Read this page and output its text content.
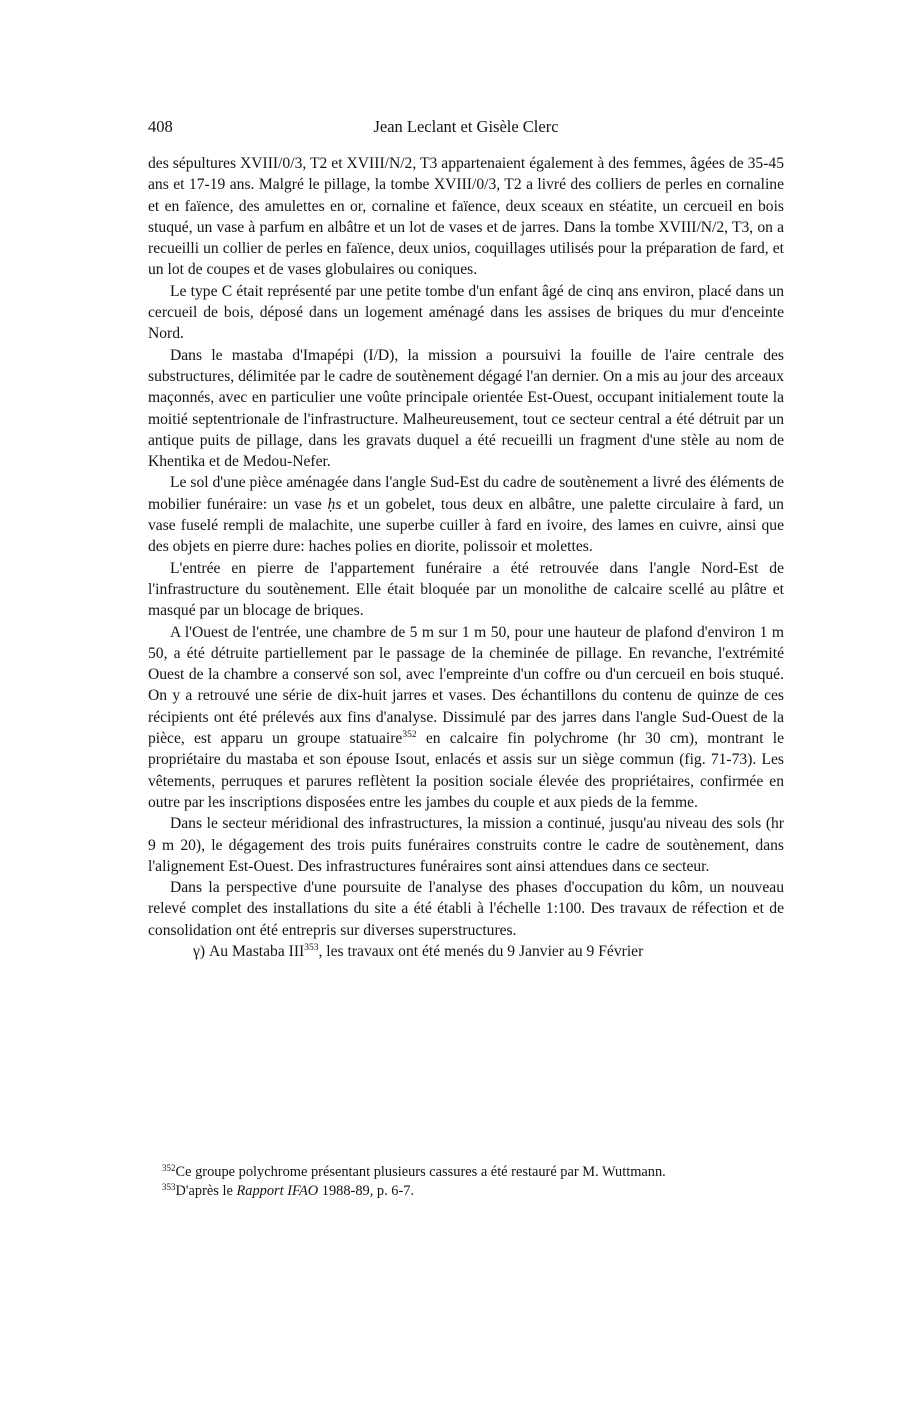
408	Jean Leclant et Gisèle Clerc

des sépultures XVIII/0/3, T2 et XVIII/N/2, T3 appartenaient également à des femmes, âgées de 35-45 ans et 17-19 ans. Malgré le pillage, la tombe XVIII/0/3, T2 a livré des colliers de perles en cornaline et en faïence, des amulettes en or, cornaline et faïence, deux sceaux en stéatite, un cercueil en bois stuqué, un vase à parfum en albâtre et un lot de vases et de jarres. Dans la tombe XVIII/N/2, T3, on a recueilli un collier de perles en faïence, deux unios, coquillages utilisés pour la préparation de fard, et un lot de coupes et de vases globulaires ou coniques.

Le type C était représenté par une petite tombe d'un enfant âgé de cinq ans environ, placé dans un cercueil de bois, déposé dans un logement aménagé dans les assises de briques du mur d'enceinte Nord.

Dans le mastaba d'Imapépi (I/D), la mission a poursuivi la fouille de l'aire centrale des substructures, délimitée par le cadre de soutènement dégagé l'an dernier. On a mis au jour des arceaux maçonnés, avec en particulier une voûte principale orientée Est-Ouest, occupant initialement toute la moitié septentrionale de l'infrastructure. Malheureusement, tout ce secteur central a été détruit par un antique puits de pillage, dans les gravats duquel a été recueilli un fragment d'une stèle au nom de Khentika et de Medou-Nefer.

Le sol d'une pièce aménagée dans l'angle Sud-Est du cadre de soutènement a livré des éléments de mobilier funéraire: un vase ḥs et un gobelet, tous deux en albâtre, une palette circulaire à fard, un vase fuselé rempli de malachite, une superbe cuiller à fard en ivoire, des lames en cuivre, ainsi que des objets en pierre dure: haches polies en diorite, polissoir et molettes.

L'entrée en pierre de l'appartement funéraire a été retrouvée dans l'angle Nord-Est de l'infrastructure du soutènement. Elle était bloquée par un monolithe de calcaire scellé au plâtre et masqué par un blocage de briques.

A l'Ouest de l'entrée, une chambre de 5 m sur 1 m 50, pour une hauteur de plafond d'environ 1 m 50, a été détruite partiellement par le passage de la cheminée de pillage. En revanche, l'extrémité Ouest de la chambre a conservé son sol, avec l'empreinte d'un coffre ou d'un cercueil en bois stuqué. On y a retrouvé une série de dix-huit jarres et vases. Des échantillons du contenu de quinze de ces récipients ont été prélevés aux fins d'analyse. Dissimulé par des jarres dans l'angle Sud-Ouest de la pièce, est apparu un groupe statuaire$^{352}$ en calcaire fin polychrome (hr 30 cm), montrant le propriétaire du mastaba et son épouse Isout, enlacés et assis sur un siège commun (fig. 71-73). Les vêtements, perruques et parures reflètent la position sociale élevée des propriétaires, confirmée en outre par les inscriptions disposées entre les jambes du couple et aux pieds de la femme.

Dans le secteur méridional des infrastructures, la mission a continué, jusqu'au niveau des sols (hr 9 m 20), le dégagement des trois puits funéraires construits contre le cadre de soutènement, dans l'alignement Est-Ouest. Des infrastructures funéraires sont ainsi attendues dans ce secteur.

Dans la perspective d'une poursuite de l'analyse des phases d'occupation du kôm, un nouveau relevé complet des installations du site a été établi à l'échelle 1:100. Des travaux de réfection et de consolidation ont été entrepris sur diverses superstructures.

γ) Au Mastaba III$^{353}$, les travaux ont été menés du 9 Janvier au 9 Février

$^{352}$Ce groupe polychrome présentant plusieurs cassures a été restauré par M. Wuttmann.

$^{353}$D'après le Rapport IFAO 1988-89, p. 6-7.
